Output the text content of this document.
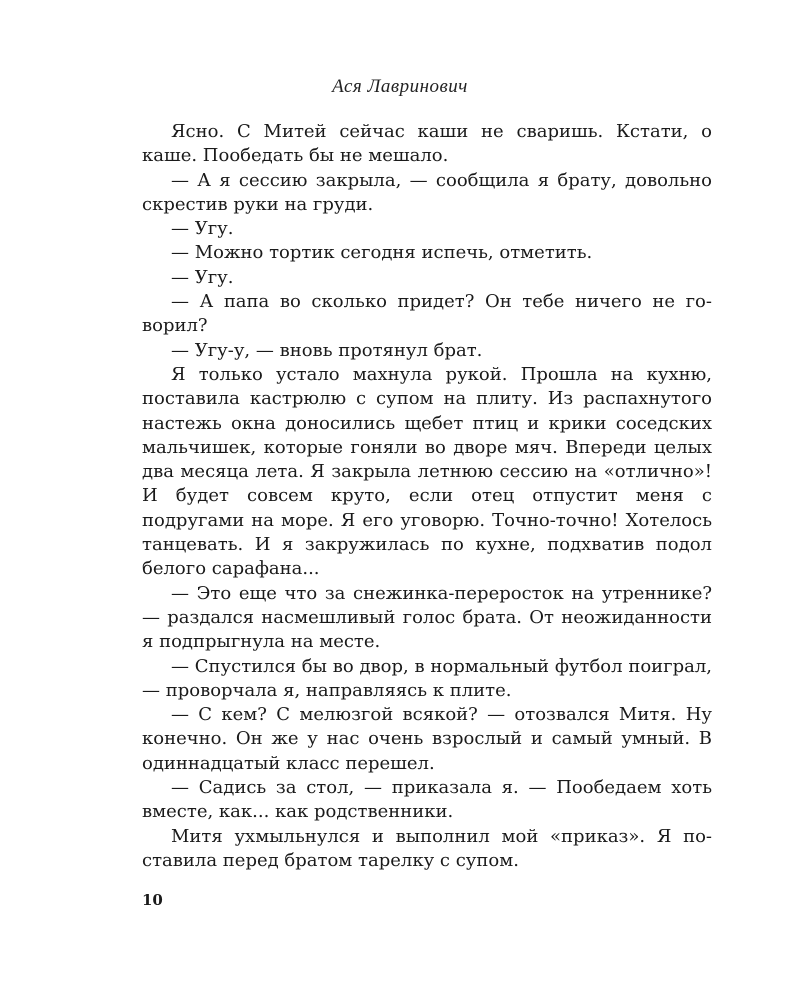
Ася Лавринович

Ясно. С Митей сейчас каши не сваришь. Кстати, о каше. Пообедать бы не мешало.

— А я сессию закрыла, — сообщила я брату, довольно скрестив руки на груди.

— Угу.

— Можно тортик сегодня испечь, отметить.

— Угу.

— А папа во сколько придет? Он тебе ничего не говорил?

— Угу-у, — вновь протянул брат.

Я только устало махнула рукой. Прошла на кухню, поставила кастрюлю с супом на плиту. Из распахнутого настежь окна доносились щебет птиц и крики соседских мальчишек, которые гоняли во дворе мяч. Впереди целых два месяца лета. Я закрыла летнюю сессию на «отлично»! И будет совсем круто, если отец отпустит меня с подругами на море. Я его уговорю. Точно-точно! Хотелось танцевать. И я закружилась по кухне, подхватив подол белого сарафана...

— Это еще что за снежинка-переросток на утреннике? — раздался насмешливый голос брата. От неожиданности я подпрыгнула на месте.

— Спустился бы во двор, в нормальный футбол поиграл, — проворчала я, направляясь к плите.

— С кем? С мелюзгой всякой? — отозвался Митя. Ну конечно. Он же у нас очень взрослый и самый умный. В одиннадцатый класс перешел.

— Садись за стол, — приказала я. — Пообедаем хоть вместе, как... как родственники.

Митя ухмыльнулся и выполнил мой «приказ». Я поставила перед братом тарелку с супом.

10
